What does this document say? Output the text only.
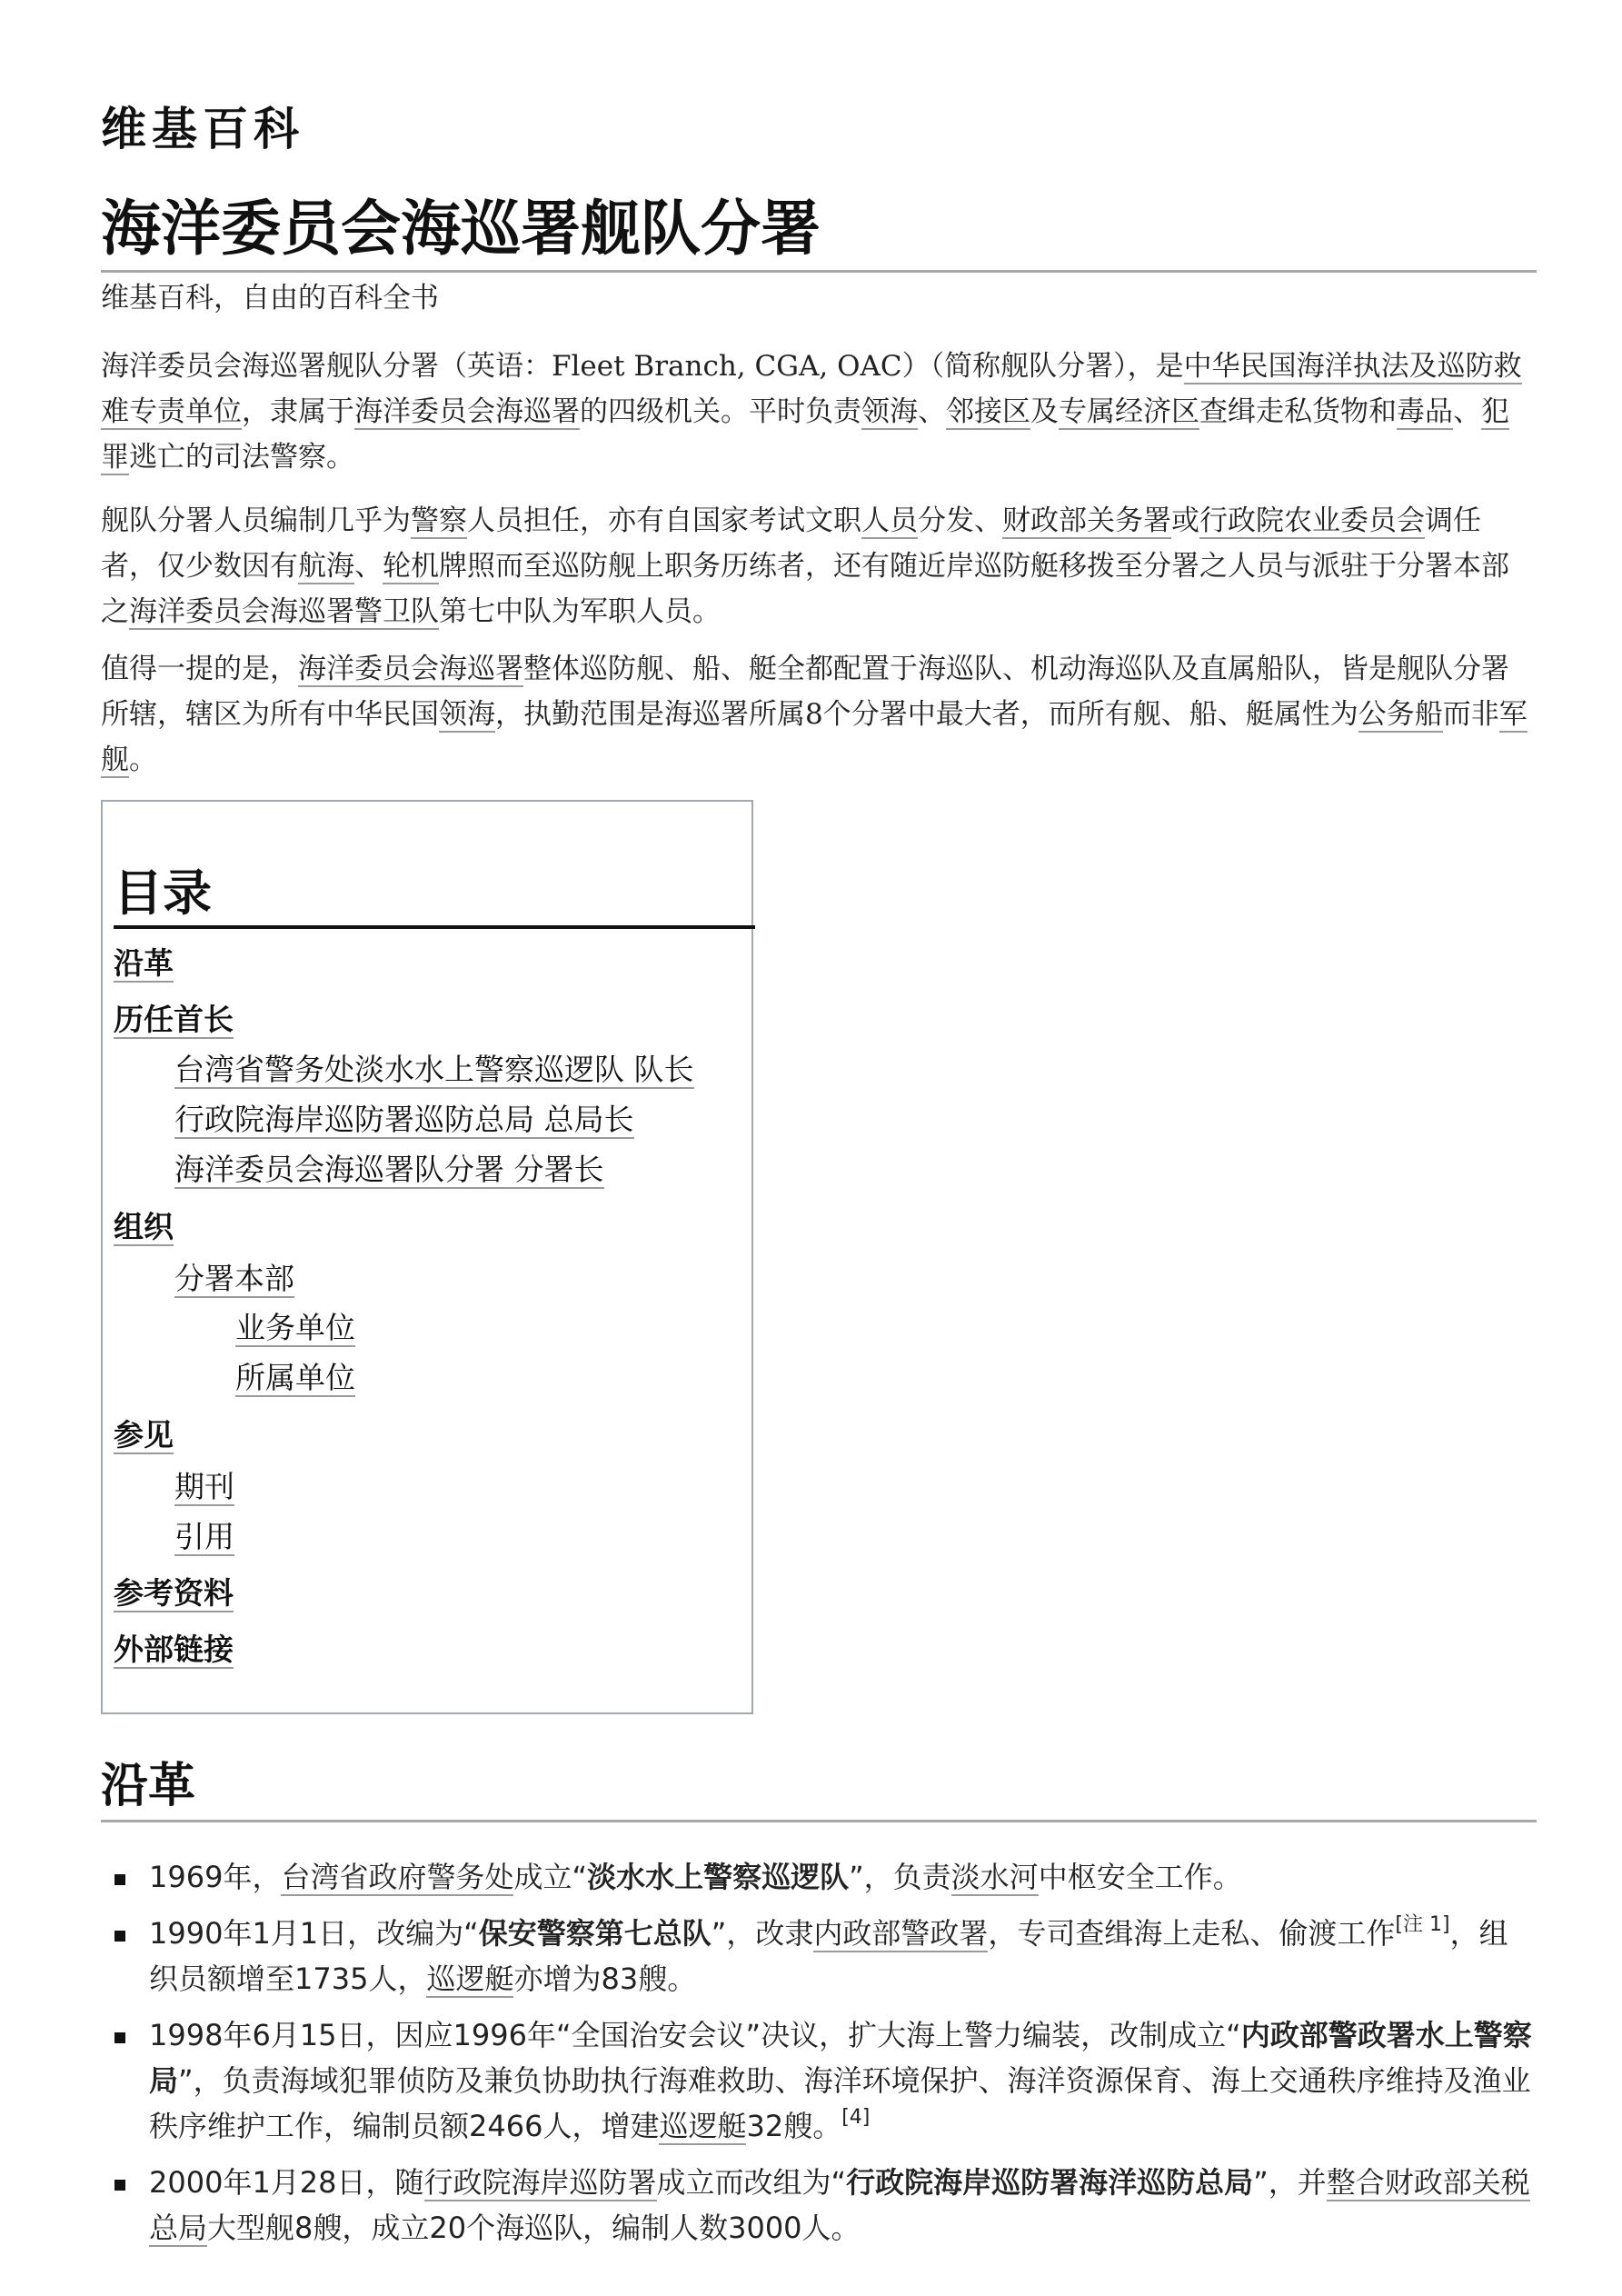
维基百科
海洋委员会海巡署舰队分署
维基百科，自由的百科全书

海洋委员会海巡署舰队分署（英语：Fleet Branch, CGA, OAC）（简称舰队分署），是中华民国海洋执法及巡防救难专责单位，隶属于海洋委员会海巡署的四级机关。平时负责领海、邻接区及专属经济区查缉走私货物和毒品、犯罪逃亡的司法警察。

舰队分署人员编制几乎为警察人员担任，亦有自国家考试文职人员分发、财政部关务署或行政院农业委员会调任者，仅少数因有航海、轮机牌照而至巡防舰上职务历练者，还有随近岸巡防艇移拨至分署之人员与派驻于分署本部之海洋委员会海巡署警卫队第七中队为军职人员。

值得一提的是，海洋委员会海巡署整体巡防舰、船、艇全都配置于海巡队、机动海巡队及直属船队，皆是舰队分署所辖，辖区为所有中华民国领海，执勤范围是海巡署所属8个分署中最大者，而所有舰、船、艇属性为公务船而非军舰。

目录
沿革
历任首长
台湾省警务处淡水水上警察巡逻队 队长
行政院海岸巡防署巡防总局 总局长
海洋委员会海巡署队分署 分署长
组织
分署本部
业务单位
所属单位
参见
期刊
引用
参考资料
外部链接
沿革
1969年，台湾省政府警务处成立“淡水水上警察巡逻队”，负责淡水河中枢安全工作。
1990年1月1日，改编为“保安警察第七总队”，改隶内政部警政署，专司查缉海上走私、偷渡工作[注 1]，组织员额增至1735人，巡逻艇亦增为83艘。
1998年6月15日，因应1996年“全国治安会议”决议，扩大海上警力编装，改制成立“内政部警政署水上警察局”，负责海域犯罪侦防及兼负协助执行海难救助、海洋环境保护、海洋资源保育、海上交通秩序维持及渔业秩序维护工作，编制员额2466人，增建巡逻艇32艘。[4]
2000年1月28日，随行政院海岸巡防署成立而改组为“行政院海岸巡防署海洋巡防总局”，并整合财政部关税总局大型舰8艘，成立20个海巡队，编制人数3000人。
